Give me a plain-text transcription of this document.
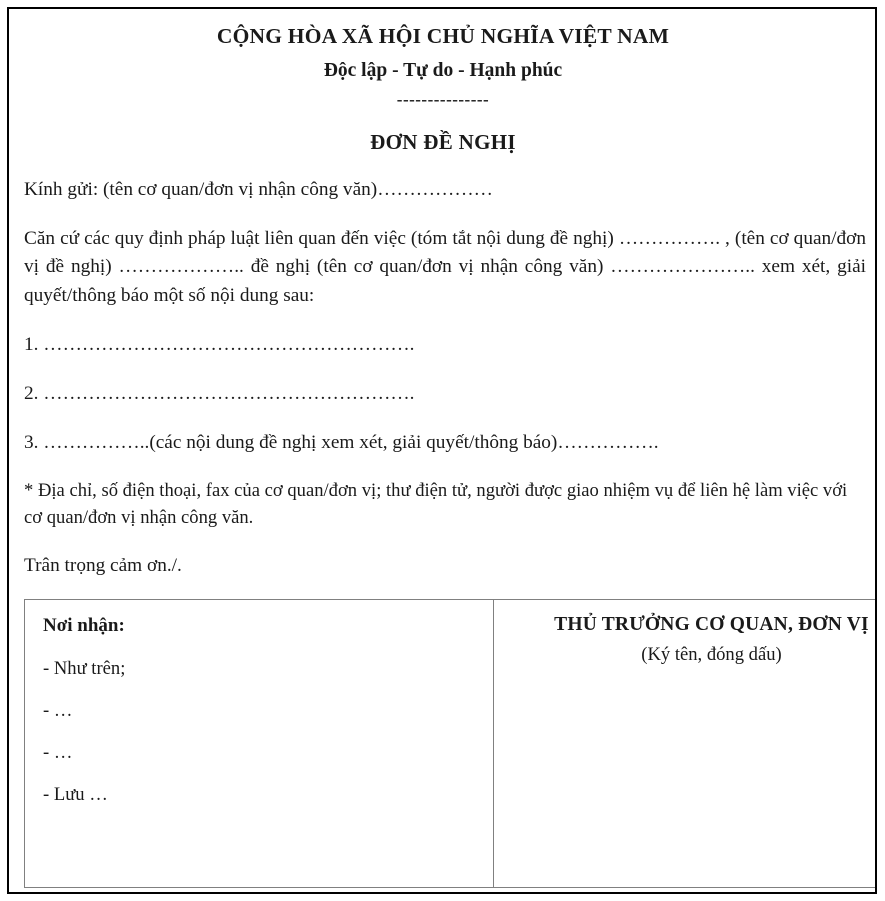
CỘNG HÒA XÃ HỘI CHỦ NGHĨA VIỆT NAM
Độc lập - Tự do - Hạnh phúc
---------------
ĐƠN ĐỀ NGHỊ
Kính gửi: (tên cơ quan/đơn vị nhận công văn)………………
Căn cứ các quy định pháp luật liên quan đến việc (tóm tắt nội dung đề nghị) ……………. , (tên cơ quan/đơn vị đề nghị) ……………….. đề nghị (tên cơ quan/đơn vị nhận công văn) ………………….. xem xét, giải quyết/thông báo một số nội dung sau:
1. ………………………………………………….
2. ………………………………………………….
3. ……………..(các nội dung đề nghị xem xét, giải quyết/thông báo)…………….
* Địa chỉ, số điện thoại, fax của cơ quan/đơn vị; thư điện tử, người được giao nhiệm vụ để liên hệ làm việc với cơ quan/đơn vị nhận công văn.
Trân trọng cảm ơn./.
Nơi nhận:
- Như trên;
- …
- …
- Lưu …
THỦ TRƯỞNG CƠ QUAN, ĐƠN VỊ
(Ký tên, đóng dấu)
